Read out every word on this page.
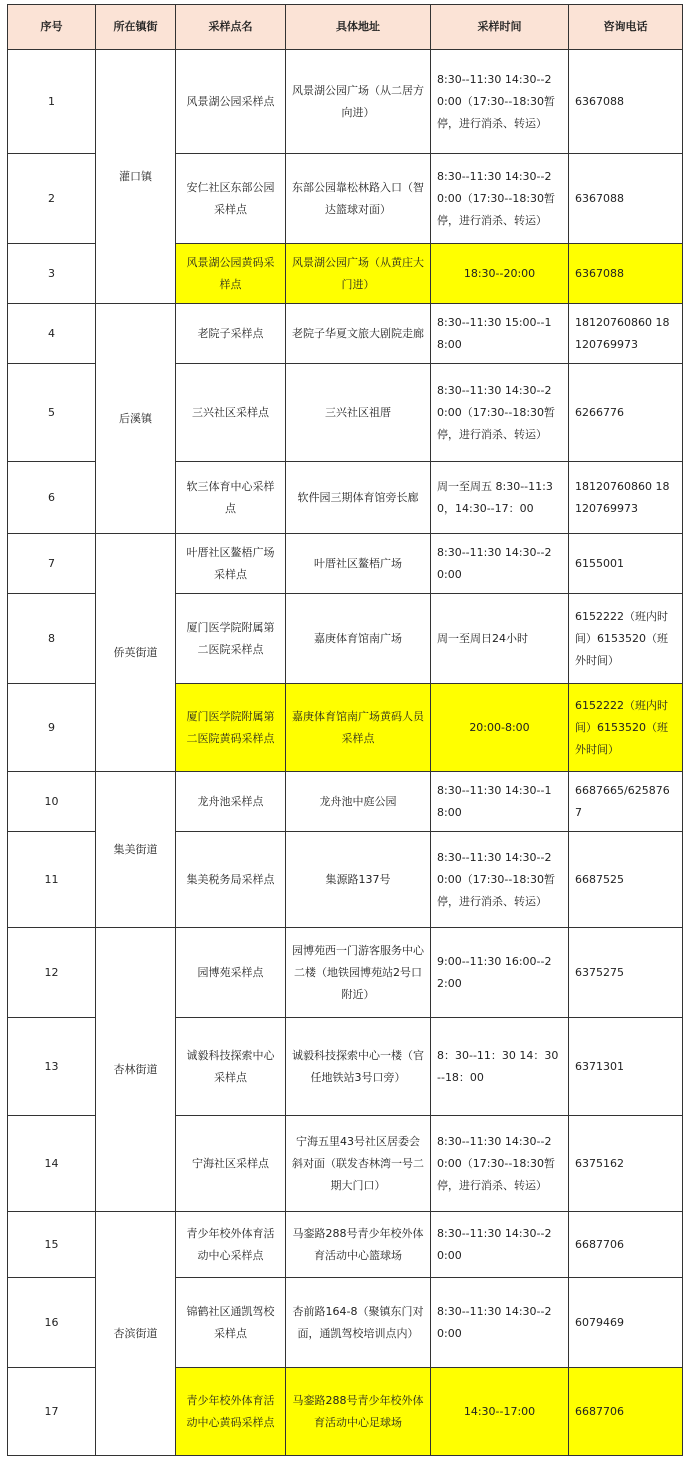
序号	所在镇街	采样点名	具体地址	采样时间	咨询电话
1	灌口镇	风景湖公园采样点	风景湖公园广场（从二居方向进）	8:30--11:30 14:30--20:00（17:30--18:30暂停，进行消杀、转运）	6367088
2		安仁社区东部公园采样点	东部公园靠松林路入口（智达篮球对面）	8:30--11:30 14:30--20:00（17:30--18:30暂停，进行消杀、转运）	6367088
3		风景湖公园黄码采样点	风景湖公园广场（从黄庄大门进）	18:30--20:00	6367088
4	后溪镇	老院子采样点	老院子华夏文旅大剧院走廊	8:30--11:30 15:00--18:00	18120760860 18120769973
5		三兴社区采样点	三兴社区祖厝	8:30--11:30 14:30--20:00（17:30--18:30暂停，进行消杀、转运）	6266776
6		软三体育中心采样点	软件园三期体育馆旁长廊	周一至周五 8:30--11:30，14:30--17：00	18120760860 18120769973
7	侨英街道	叶厝社区鳌梧广场采样点	叶厝社区鳌梧广场	8:30--11:30 14:30--20:00	6155001
8		厦门医学院附属第二医院采样点	嘉庚体育馆南广场	周一至周日24小时	6152222（班内时间）6153520（班外时间）
9		厦门医学院附属第二医院黄码采样点	嘉庚体育馆南广场黄码人员采样点	20:00-8:00	6152222（班内时间）6153520（班外时间）
10	集美街道	龙舟池采样点	龙舟池中庭公园	8:30--11:30 14:30--18:00	6687665/6258767
11		集美税务局采样点	集源路137号	8:30--11:30 14:30--20:00（17:30--18:30暂停，进行消杀、转运）	6687525
12	杏林街道	园博苑采样点	园博苑西一门游客服务中心二楼（地铁园博苑站2号口附近）	9:00--11:30 16:00--22:00	6375275
13		诚毅科技探索中心采样点	诚毅科技探索中心一楼（官任地铁站3号口旁）	8：30--11：30 14：30--18：00	6371301
14		宁海社区采样点	宁海五里43号社区居委会斜对面（联发杏林湾一号二期大门口）	8:30--11:30 14:30--20:00（17:30--18:30暂停，进行消杀、转运）	6375162
15	杏滨街道	青少年校外体育活动中心采样点	马銮路288号青少年校外体育活动中心篮球场	8:30--11:30 14:30--20:00	6687706
16		锦鹤社区通凯驾校采样点	杏前路164-8（聚镇东门对面，通凯驾校培训点内）	8:30--11:30 14:30--20:00	6079469
17		青少年校外体育活动中心黄码采样点	马銮路288号青少年校外体育活动中心足球场	14:30--17:00	6687706
